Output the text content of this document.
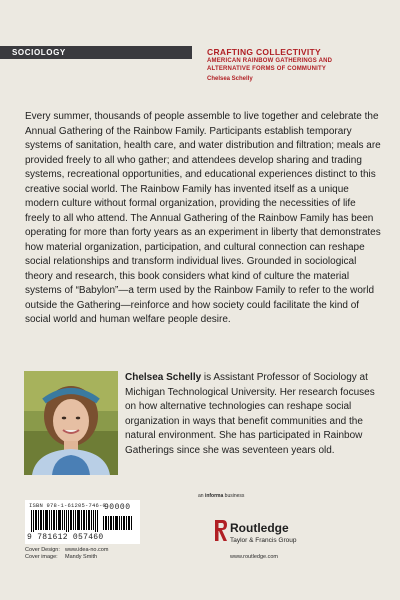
SOCIOLOGY	CRAFTING COLLECTIVITY
AMERICAN RAINBOW GATHERINGS AND
ALTERNATIVE FORMS OF COMMUNITY
Chelsea Schelly

Every summer, thousands of people assemble to live together and celebrate the Annual Gathering of the Rainbow Family. Participants establish temporary systems of sanitation, health care, and water distribution and filtration; meals are provided freely to all who gather; and attendees develop sharing and trading systems, recreational opportunities, and educational experiences distinct to this creative social world. The Rainbow Family has invented itself as a unique modern culture without formal organization, providing the necessities of life freely to all who attend. The Annual Gathering of the Rainbow Family has been operating for more than forty years as an experiment in liberty that demonstrates how material organization, participation, and cultural connection can reshape social relationships and transform individual lives. Grounded in sociological theory and research, this book considers what kind of culture the material systems of “Babylon”—a term used by the Rainbow Family to refer to the world outside the Gathering—reinforce and how society could facilitate the kind of social world and human welfare people desire.

Chelsea Schelly is Assistant Professor of Sociology at Michigan Technological University. Her research focuses on how alternative technologies can reshape social organization in ways that benefit communities and the natural environment. She has participated in Rainbow Gatherings since she was seventeen years old.

an informa business
ISBN 978-1-61205-746-0
90000
9 781612 057460
Cover Design: www.idea-no.com
Cover image:	Mandy Smith
Routledge
Taylor & Francis Group
www.routledge.com
